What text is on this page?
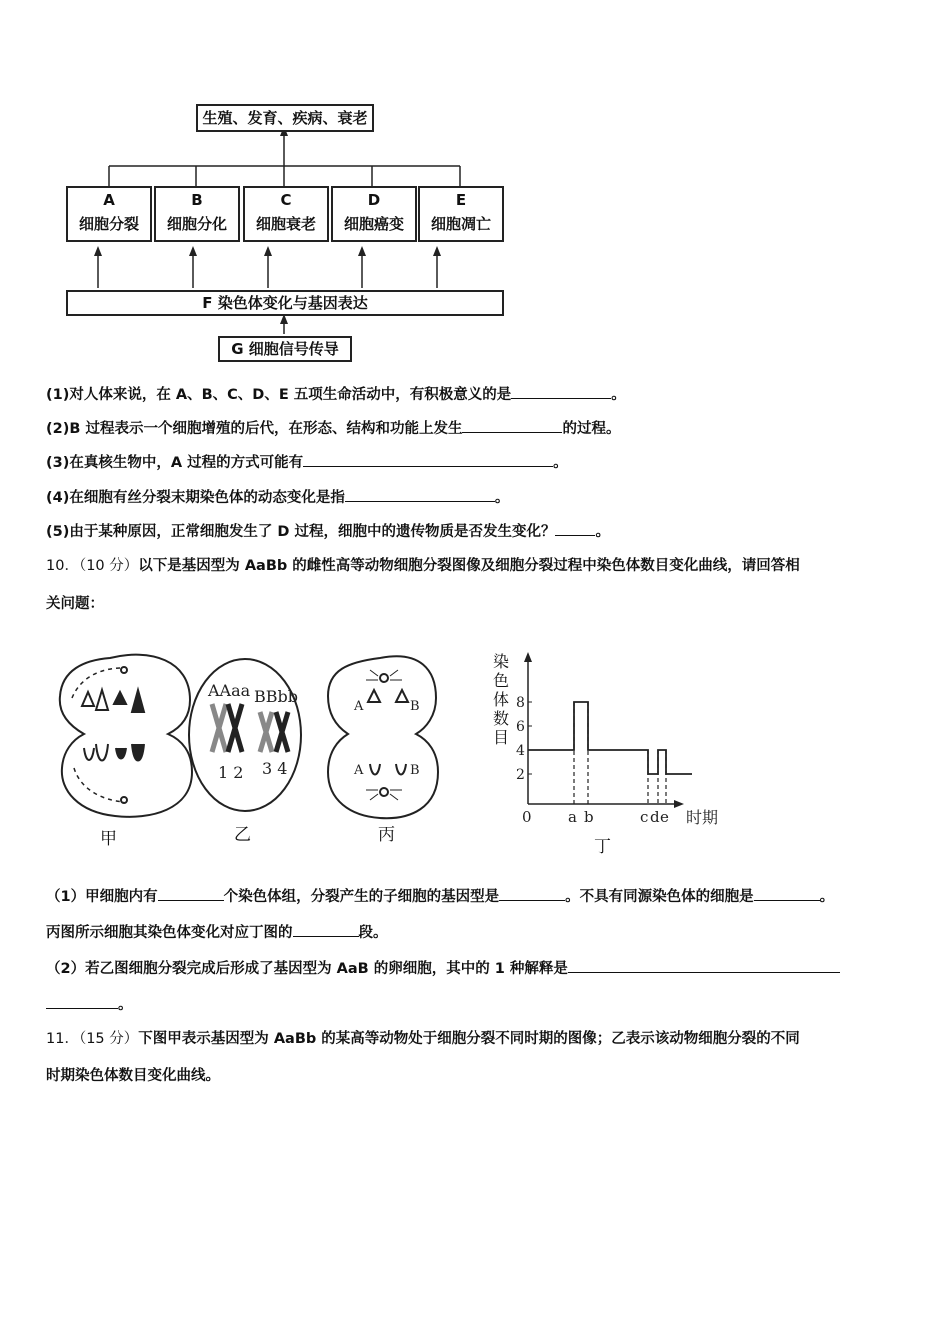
生殖、发育、疾病、衰老
A
细胞分裂
B
细胞分化
C
细胞衰老
D
细胞癌变
E
细胞凋亡
F 染色体变化与基因表达
G 细胞信号传导
(1)对人体来说，在 A、B、C、D、E 五项生命活动中，有积极意义的是	。
(2)B 过程表示一个细胞增殖的后代，在形态、结构和功能上发生	的过程。
(3)在真核生物中，A 过程的方式可能有	。
(4)在细胞有丝分裂末期染色体的动态变化是指	。
(5)由于某种原因，正常细胞发生了 D 过程，细胞中的遗传物质是否发生变化？	。
10．（10 分）以下是基因型为 AaBb 的雌性高等动物细胞分裂图像及细胞分裂过程中染色体数目变化曲线，请回答相
关问题：
AAaa BBbb
1 2 3 4
A	B
A	B	2
4
6
8
0 a b	c d e 时期
染色体数目
甲	乙	丙
丁
（1）甲细胞内有	个染色体组，分裂产生的子细胞的基因型是	。不具有同源染色体的细胞是	。
丙图所示细胞其染色体变化对应丁图的	段。
（2）若乙图细胞分裂完成后形成了基因型为 AaB 的卵细胞，其中的 1 种解释是
。
11．（15 分）下图甲表示基因型为 AaBb 的某高等动物处于细胞分裂不同时期的图像；乙表示该动物细胞分裂的不同
时期染色体数目变化曲线。
